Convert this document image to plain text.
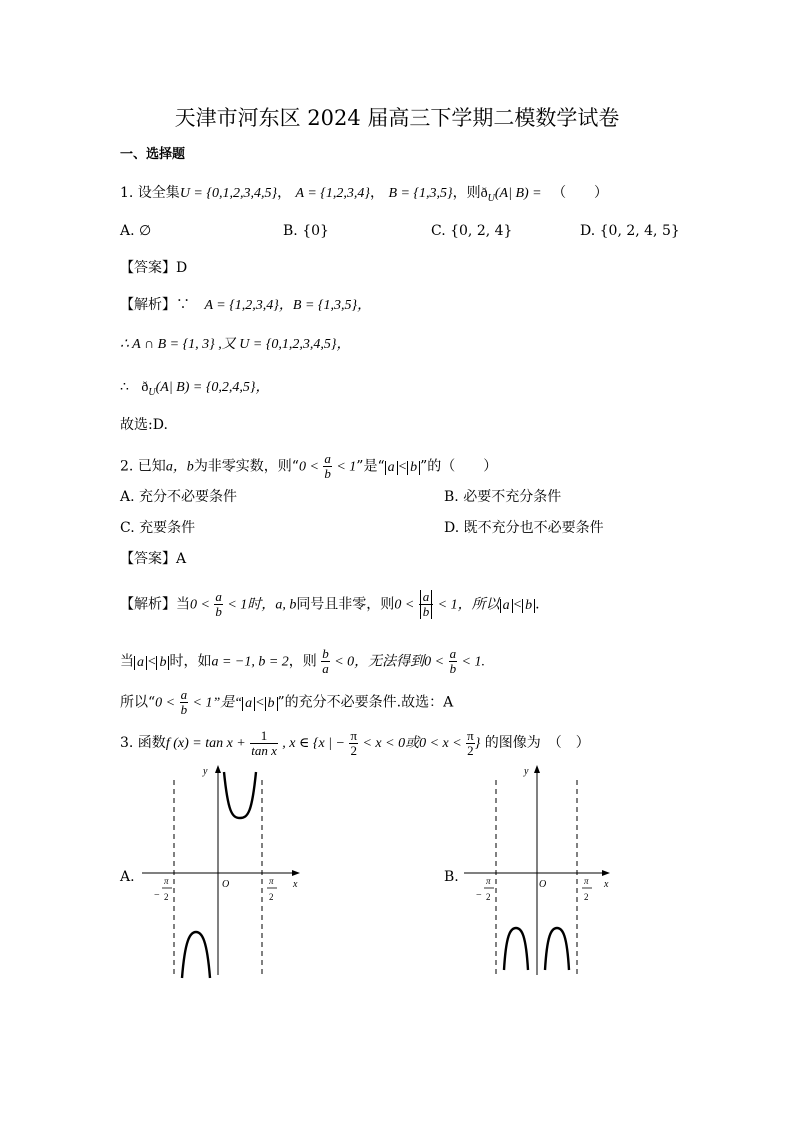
天津市河东区 2024 届高三下学期二模数学试卷
一、选择题
1. 设全集U = {0,1,2,3,4,5}， A = {1,2,3,4}， B = {1,3,5}，则$ð_U(A|$ B) = （　　）
A. ∅	B. {0}	C. {0, 2, 4}	D. {0, 2, 4, 5}
【答案】D
【解析】∵ A = {1,2,3,4}，B = {1,3,5}，
∴ A ∩ B = {1, 3} ,又 U = {0,1,2,3,4,5}，
∴ $ð_U(A|$ B) = {0,2,4,5}，
故选:D.
2. 已知a，b为非零实数，则“$0 < \frac{a}{b} < 1$”是“ a < b ”的（　　）
A. 充分不必要条件	B. 必要不充分条件
C. 充要条件	D. 既不充分也不必要条件
【答案】A
【解析】当$0 < \frac{a}{b} < 1$时，a, b同号且非零，则$0 < \frac{a}{b} < 1$，所以 a < b .
当 a < b 时，如a = −1, b = 2，则 $\frac{b}{a} < 0$，无法得到$0 < \frac{a}{b} < 1$.
所以“$0 < \frac{a}{b} < 1$”是“ a < b ”的充分不必要条件.故选：A
3. 函数f $(x) = \tan x + \frac{1}{\text{tan x}}$ , x ∈ {x | − $\frac{\pi}{2} < x < 0$或$0 < x < \frac{\pi}{2}$ } 的图像为　（　）
A.	B.
y
x
O
−
π
2
π
2
y
x
O
−
π
2
π
2
